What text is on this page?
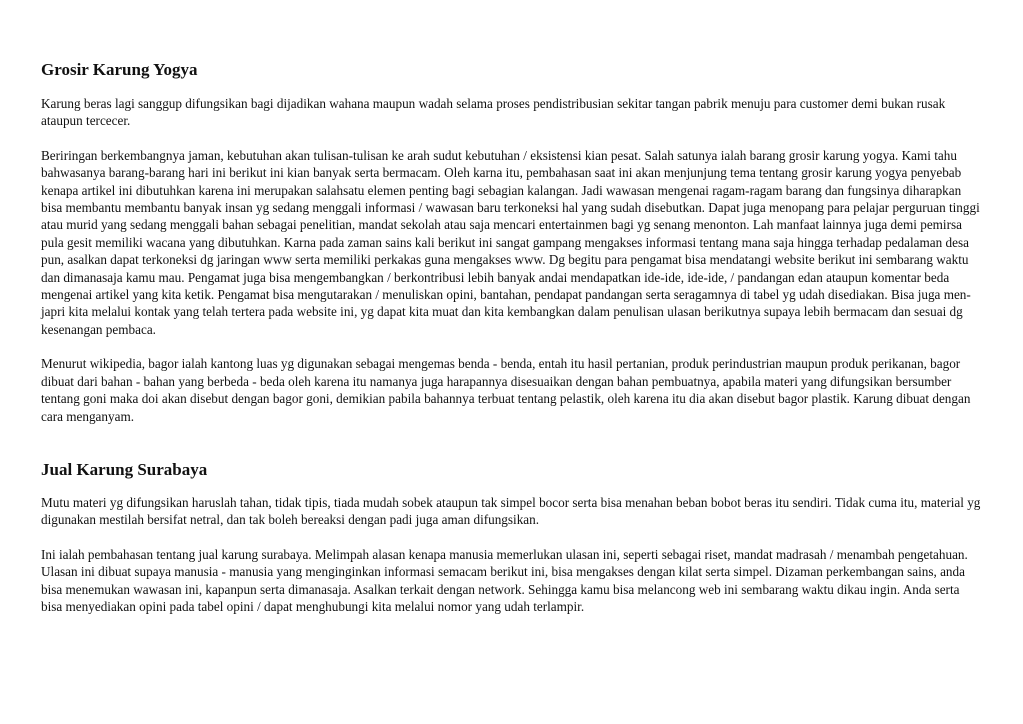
Grosir Karung Yogya

Karung beras lagi sanggup difungsikan bagi dijadikan wahana maupun wadah selama proses pendistribusian sekitar tangan pabrik menuju para customer demi bukan rusak ataupun tercecer.

Beriringan berkembangnya jaman, kebutuhan akan tulisan-tulisan ke arah sudut kebutuhan / eksistensi kian pesat. Salah satunya ialah barang grosir karung yogya. Kami tahu bahwasanya barang-barang hari ini berikut ini kian banyak serta bermacam. Oleh karna itu, pembahasan saat ini akan menjunjung tema tentang grosir karung yogya penyebab kenapa artikel ini dibutuhkan karena ini merupakan salahsatu elemen penting bagi sebagian kalangan. Jadi wawasan mengenai ragam-ragam barang dan fungsinya diharapkan bisa membantu membantu banyak insan yg sedang menggali informasi / wawasan baru terkoneksi hal yang sudah disebutkan. Dapat juga menopang para pelajar perguruan tinggi atau murid yang sedang menggali bahan sebagai penelitian, mandat sekolah atau saja mencari entertainmen bagi yg senang menonton. Lah manfaat lainnya juga demi pemirsa pula gesit memiliki wacana yang dibutuhkan. Karna pada zaman sains kali berikut ini sangat gampang mengakses informasi tentang mana saja hingga terhadap pedalaman desa pun, asalkan dapat terkoneksi dg jaringan www serta memiliki perkakas guna mengakses www. Dg begitu para pengamat bisa mendatangi website berikut ini sembarang waktu dan dimanasaja kamu mau. Pengamat juga bisa mengembangkan / berkontribusi lebih banyak andai mendapatkan ide-ide, ide-ide, / pandangan edan ataupun komentar beda mengenai artikel yang kita ketik. Pengamat bisa mengutarakan / menuliskan opini, bantahan, pendapat pandangan serta seragamnya di tabel yg udah disediakan. Bisa juga men-japri kita melalui kontak yang telah tertera pada website ini, yg dapat kita muat dan kita kembangkan dalam penulisan ulasan berikutnya supaya lebih bermacam dan sesuai dg kesenangan pembaca.

Menurut wikipedia, bagor ialah kantong luas yg digunakan sebagai mengemas benda - benda, entah itu hasil pertanian, produk perindustrian maupun produk perikanan, bagor dibuat dari bahan - bahan yang berbeda - beda oleh karena itu namanya juga harapannya disesuaikan dengan bahan pembuatnya, apabila materi yang difungsikan bersumber tentang goni maka doi akan disebut dengan bagor goni, demikian pabila bahannya terbuat tentang pelastik, oleh karena itu dia akan disebut bagor plastik. Karung dibuat dengan cara menganyam.

Jual Karung Surabaya

Mutu materi yg difungsikan haruslah tahan, tidak tipis, tiada mudah sobek ataupun tak simpel bocor serta bisa menahan beban bobot beras itu sendiri. Tidak cuma itu, material yg digunakan mestilah bersifat netral, dan tak boleh bereaksi dengan padi juga aman difungsikan.

Ini ialah pembahasan tentang jual karung surabaya. Melimpah alasan kenapa manusia memerlukan ulasan ini, seperti sebagai riset, mandat madrasah / menambah pengetahuan. Ulasan ini dibuat supaya manusia - manusia yang menginginkan informasi semacam berikut ini, bisa mengakses dengan kilat serta simpel. Dizaman perkembangan sains, anda bisa menemukan wawasan ini, kapanpun serta dimanasaja. Asalkan terkait dengan network. Sehingga kamu bisa melancong web ini sembarang waktu dikau ingin. Anda serta bisa menyediakan opini pada tabel opini / dapat menghubungi kita melalui nomor yang udah terlampir.
